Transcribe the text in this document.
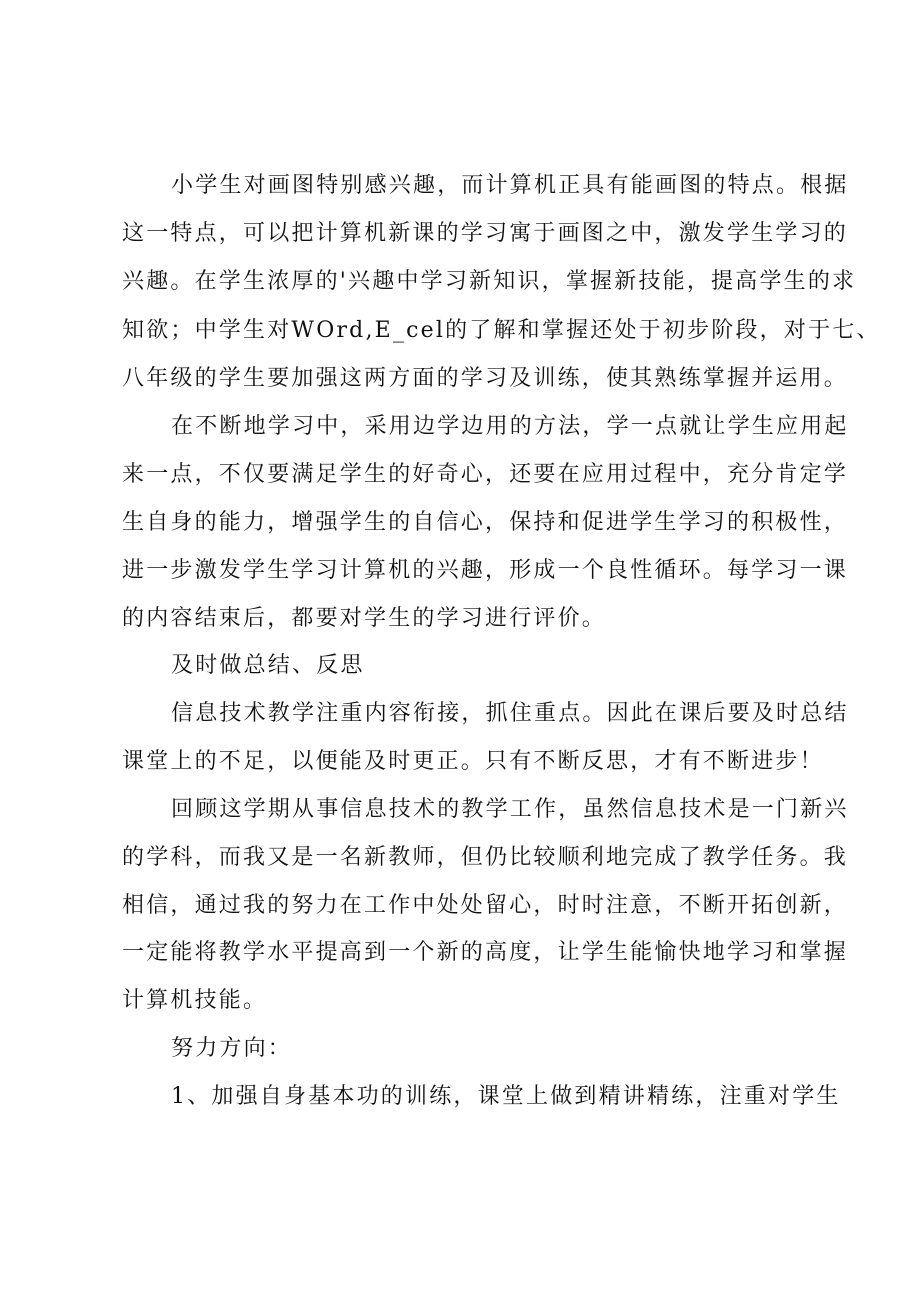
小学生对画图特别感兴趣，而计算机正具有能画图的特点。根据

这一特点，可以把计算机新课的学习寓于画图之中，激发学生学习的

兴趣。在学生浓厚的'兴趣中学习新知识，掌握新技能，提高学生的求

知欲；中学生对WOrd,E_cel的了解和掌握还处于初步阶段，对于七、

八年级的学生要加强这两方面的学习及训练，使其熟练掌握并运用。

在不断地学习中，采用边学边用的方法，学一点就让学生应用起

来一点，不仅要满足学生的好奇心，还要在应用过程中，充分肯定学

生自身的能力，增强学生的自信心，保持和促进学生学习的积极性，

进一步激发学生学习计算机的兴趣，形成一个良性循环。每学习一课

的内容结束后，都要对学生的学习进行评价。

及时做总结、反思

信息技术教学注重内容衔接，抓住重点。因此在课后要及时总结

课堂上的不足，以便能及时更正。只有不断反思，才有不断进步！

回顾这学期从事信息技术的教学工作，虽然信息技术是一门新兴

的学科，而我又是一名新教师，但仍比较顺利地完成了教学任务。我

相信，通过我的努力在工作中处处留心，时时注意，不断开拓创新，

一定能将教学水平提高到一个新的高度，让学生能愉快地学习和掌握

计算机技能。

努力方向：

1、加强自身基本功的训练，课堂上做到精讲精练，注重对学生
